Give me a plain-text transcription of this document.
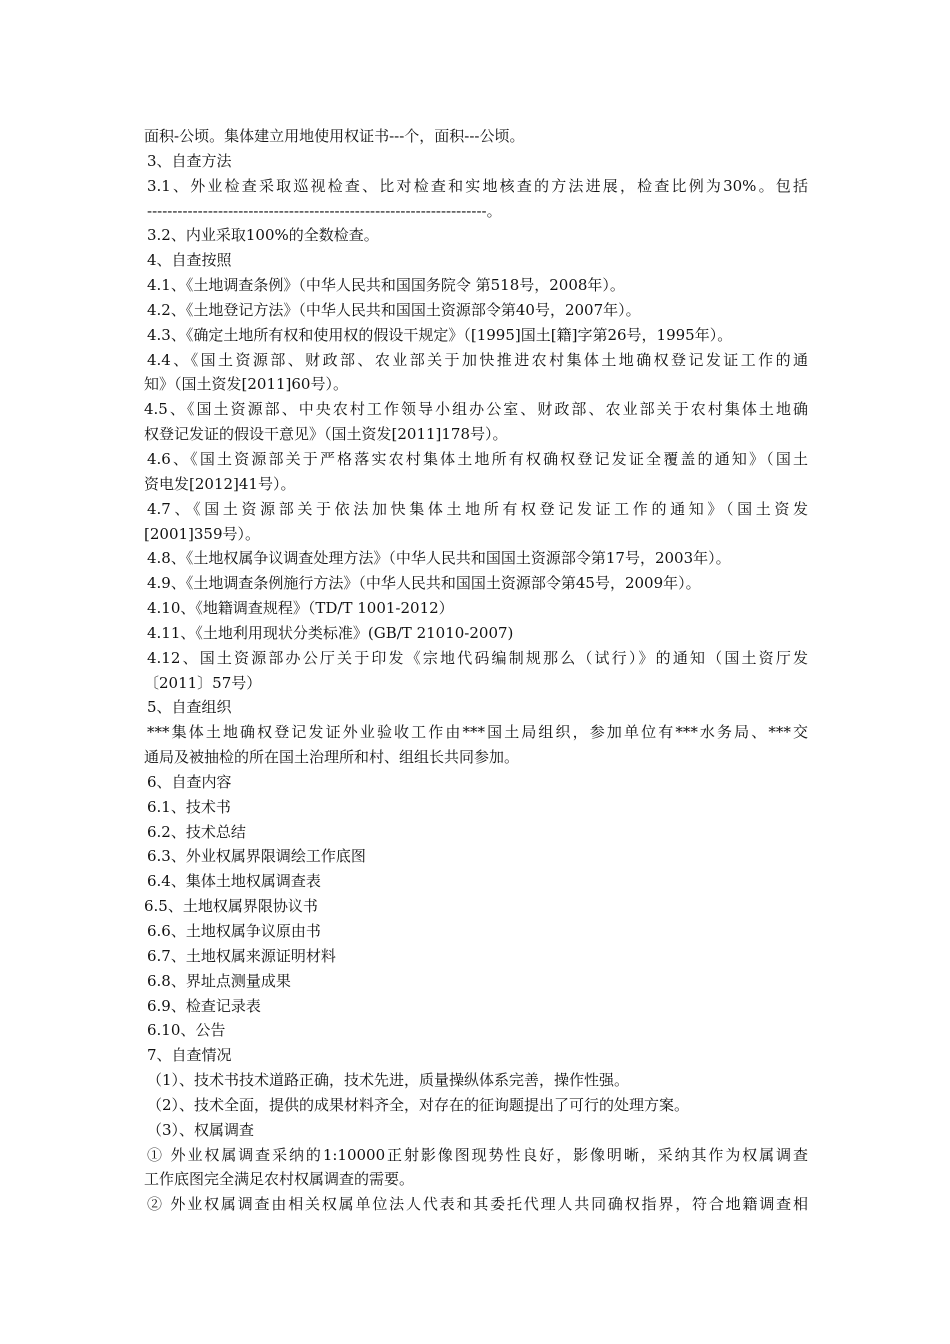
面积-公顷。集体建立用地使用权证书---个，面积---公顷。
3、自查方法
3.1、外业检查采取巡视检查、比对检查和实地核查的方法进展，检查比例为30%。包括
-------------------------------------------------------------------。
3.2、内业采取100%的全数检查。
4、自查按照
4.1、《土地调查条例》（中华人民共和国国务院令 第518号，2008年）。
4.2、《土地登记方法》（中华人民共和国国土资源部令第40号，2007年）。
4.3、《确定土地所有权和使用权的假设干规定》（[1995]国土[籍]字第26号，1995年）。
4.4、《国土资源部、财政部、农业部关于加快推进农村集体土地确权登记发证工作的通
知》（国土资发[2011]60号）。
4.5、《国土资源部、中央农村工作领导小组办公室、财政部、农业部关于农村集体土地确
权登记发证的假设干意见》（国土资发[2011]178号）。
4.6、《国土资源部关于严格落实农村集体土地所有权确权登记发证全覆盖的通知》（国土
资电发[2012]41号）。
4.7、《国土资源部关于依法加快集体土地所有权登记发证工作的通知》（国土资发
[2001]359号）。
4.8、《土地权属争议调查处理方法》（中华人民共和国国土资源部令第17号，2003年）。
4.9、《土地调查条例施行方法》（中华人民共和国国土资源部令第45号，2009年）。
4.10、《地籍调查规程》（TD/T 1001-2012）
4.11、《土地利用现状分类标准》(GB/T 21010-2007)
4.12、国土资源部办公厅关于印发《宗地代码编制规那么（试行）》的通知（国土资厅发
〔2011〕57号）
5、自查组织
***集体土地确权登记发证外业验收工作由***国土局组织，参加单位有***水务局、***交
通局及被抽检的所在国土治理所和村、组组长共同参加。
6、自查内容
6.1、技术书
6.2、技术总结
6.3、外业权属界限调绘工作底图
6.4、集体土地权属调查表
6.5、土地权属界限协议书
6.6、土地权属争议原由书
6.7、土地权属来源证明材料
6.8、界址点测量成果
6.9、检查记录表
6.10、公告
7、自查情况
（1）、技术书技术道路正确，技术先进，质量操纵体系完善，操作性强。
（2）、技术全面，提供的成果材料齐全，对存在的征询题提出了可行的处理方案。
（3）、权属调查
① 外业权属调查采纳的1:10000正射影像图现势性良好，影像明晰，采纳其作为权属调查
工作底图完全满足农村权属调查的需要。
② 外业权属调查由相关权属单位法人代表和其委托代理人共同确权指界，符合地籍调查相
